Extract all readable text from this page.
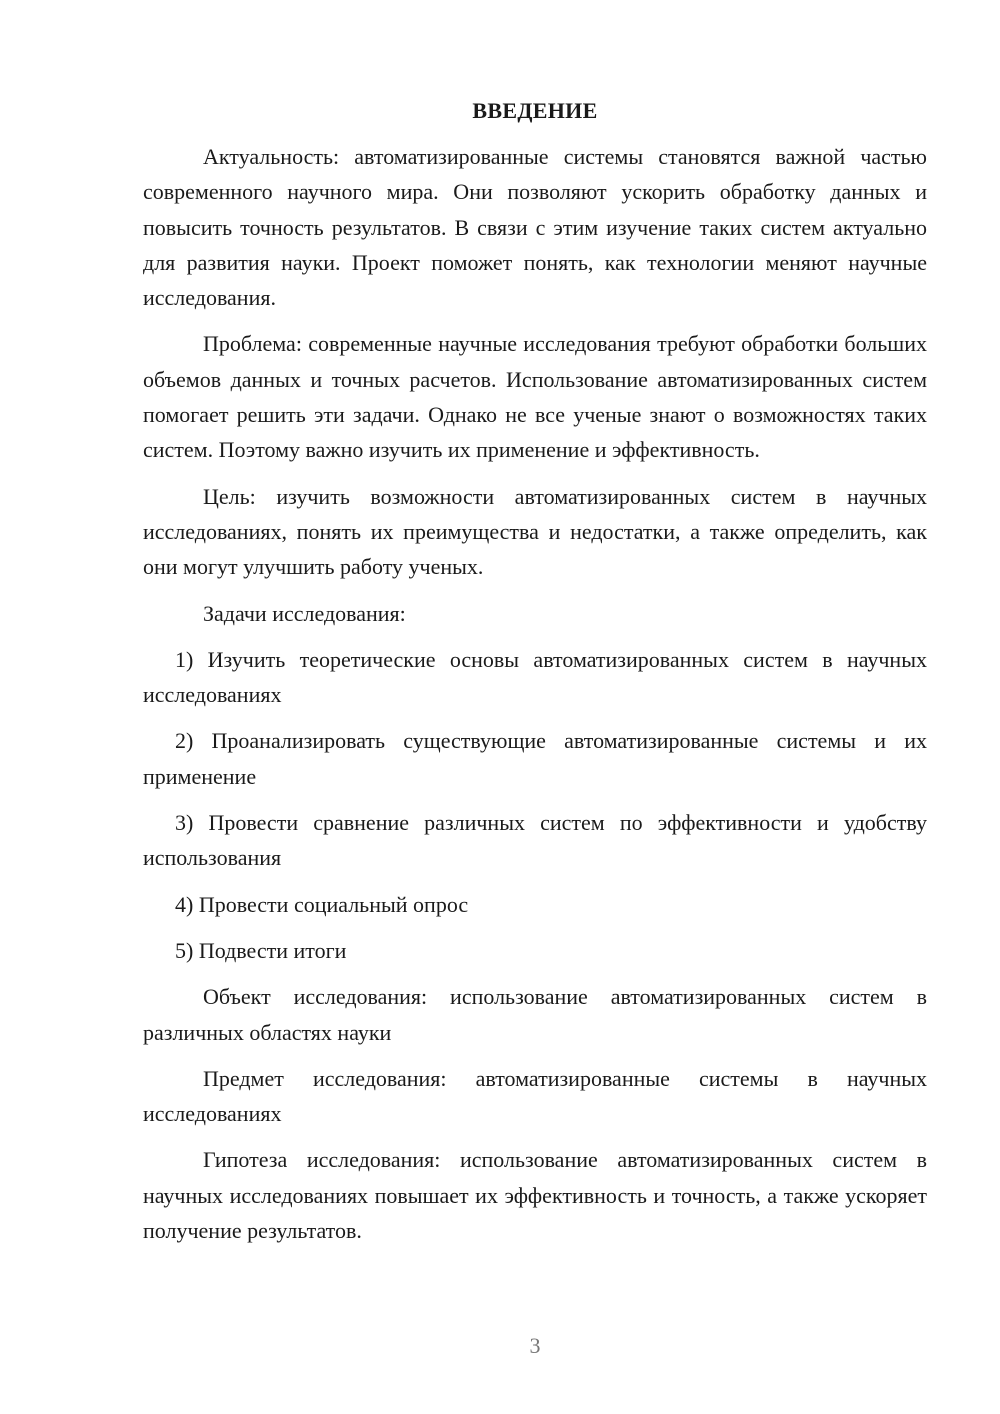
ВВЕДЕНИЕ

Актуальность: автоматизированные системы становятся важной частью современного научного мира. Они позволяют ускорить обработку данных и повысить точность результатов. В связи с этим изучение таких систем актуально для развития науки. Проект поможет понять, как технологии меняют научные исследования.

Проблема: современные научные исследования требуют обработки больших объемов данных и точных расчетов. Использование автоматизированных систем помогает решить эти задачи. Однако не все ученые знают о возможностях таких систем. Поэтому важно изучить их применение и эффективность.

Цель: изучить возможности автоматизированных систем в научных исследованиях, понять их преимущества и недостатки, а также определить, как они могут улучшить работу ученых.

Задачи исследования:

1) Изучить теоретические основы автоматизированных систем в научных исследованиях

2) Проанализировать существующие автоматизированные системы и их применение

3) Провести сравнение различных систем по эффективности и удобству использования

4) Провести социальный опрос

5) Подвести итоги

Объект исследования: использование автоматизированных систем в различных областях науки

Предмет исследования: автоматизированные системы в научных исследованиях

Гипотеза исследования: использование автоматизированных систем в научных исследованиях повышает их эффективность и точность, а также ускоряет получение результатов.

3
